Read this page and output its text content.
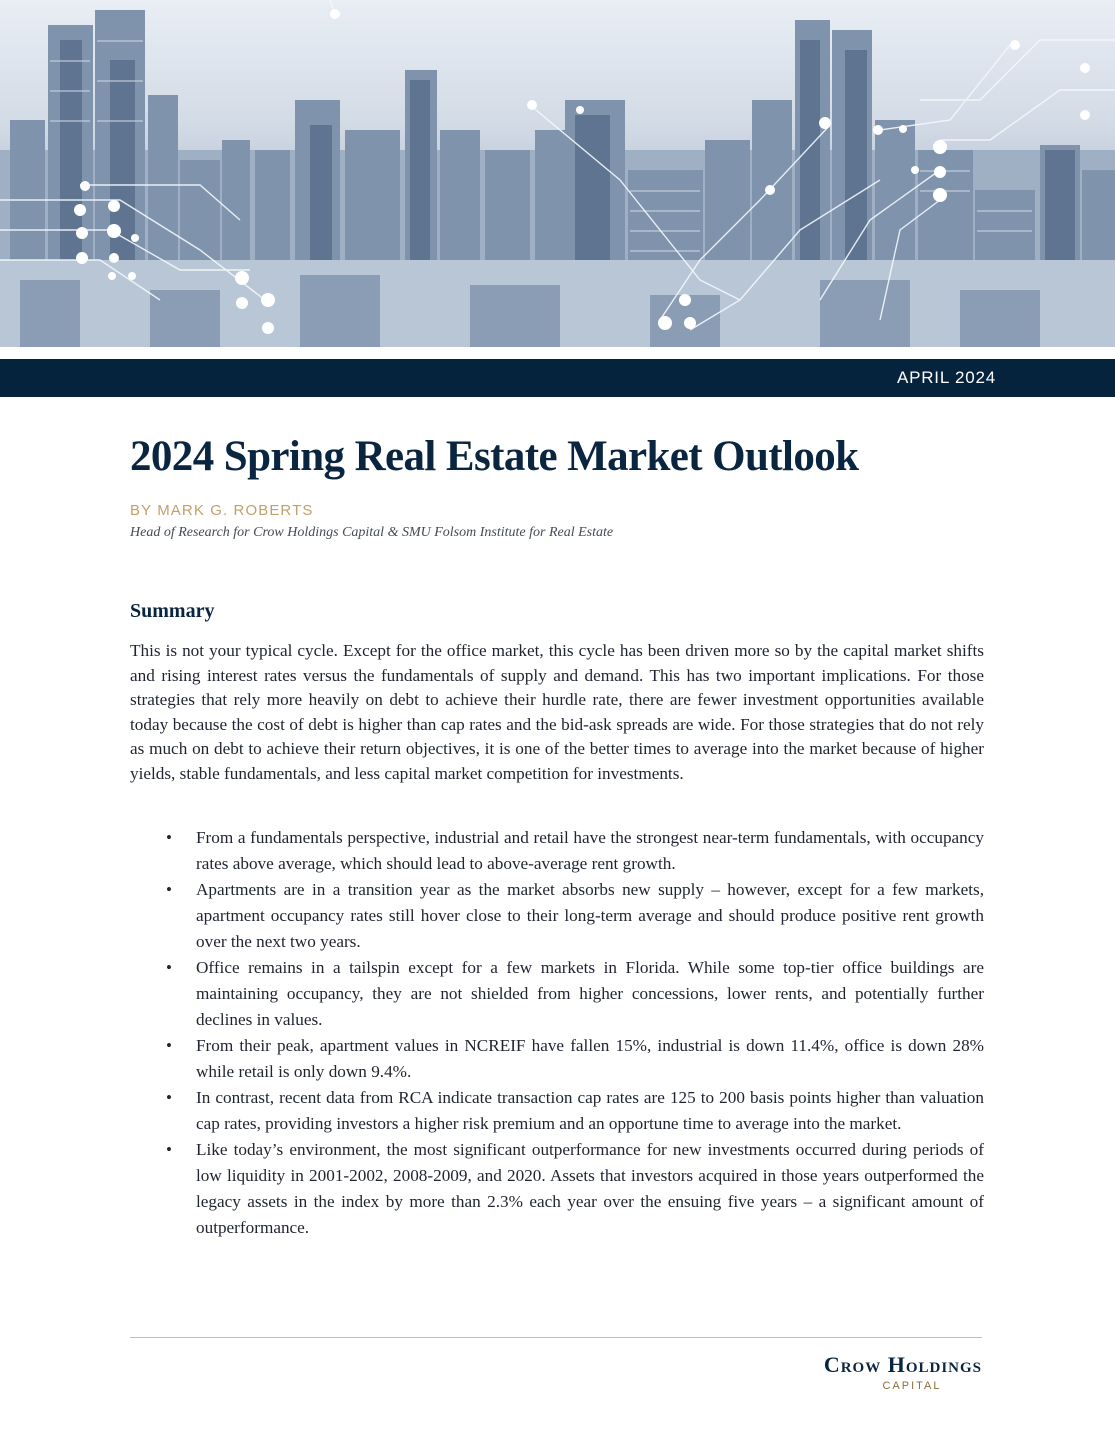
APRIL 2024
2024 Spring Real Estate Market Outlook
BY MARK G. ROBERTS
Head of Research for Crow Holdings Capital & SMU Folsom Institute for Real Estate
Summary

This is not your typical cycle. Except for the office market, this cycle has been driven more so by the capital market shifts and rising interest rates versus the fundamentals of supply and demand. This has two important implications. For those strategies that rely more heavily on debt to achieve their hurdle rate, there are fewer investment opportunities available today because the cost of debt is higher than cap rates and the bid-ask spreads are wide. For those strategies that do not rely as much on debt to achieve their return objectives, it is one of the better times to average into the market because of higher yields, stable fundamentals, and less capital market competition for investments.

• From a fundamentals perspective, industrial and retail have the strongest near-term fundamentals, with occupancy rates above average, which should lead to above-average rent growth.
• Apartments are in a transition year as the market absorbs new supply – however, except for a few markets, apartment occupancy rates still hover close to their long-term average and should produce positive rent growth over the next two years.
• Office remains in a tailspin except for a few markets in Florida. While some top-tier office buildings are maintaining occupancy, they are not shielded from higher concessions, lower rents, and potentially further declines in values.
• From their peak, apartment values in NCREIF have fallen 15%, industrial is down 11.4%, office is down 28% while retail is only down 9.4%.
• In contrast, recent data from RCA indicate transaction cap rates are 125 to 200 basis points higher than valuation cap rates, providing investors a higher risk premium and an opportune time to average into the market.
• Like today’s environment, the most significant outperformance for new investments occurred during periods of low liquidity in 2001-2002, 2008-2009, and 2020. Assets that investors acquired in those years outperformed the legacy assets in the index by more than 2.3% each year over the ensuing five years – a significant amount of outperformance.
Crow Holdings
CAPITAL
